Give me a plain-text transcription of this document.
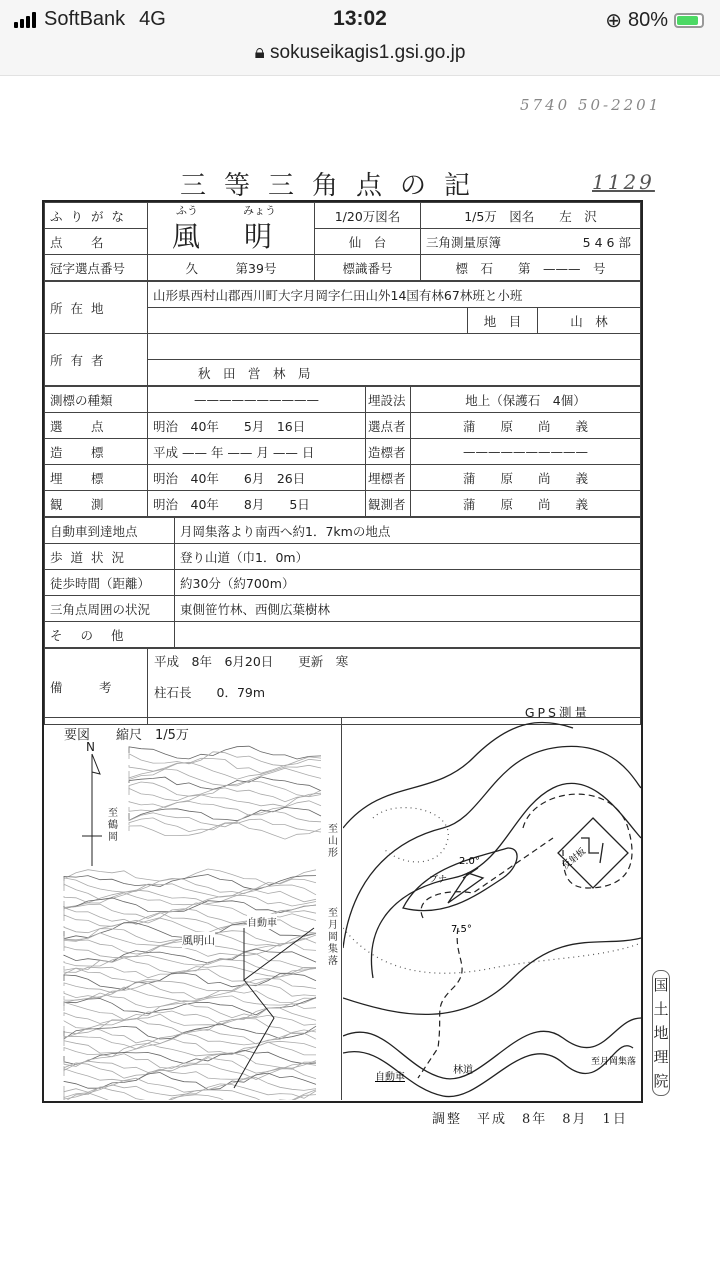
SoftBank 4G	13:02	⊕ 80%
🔒︎ sokuseikagis1.gsi.go.jp
5740 50-2201
三等三角点の記	1129
ふりがな	ふう みょう
風 明	1/20万図名	1/5万　図名　　左　沢
点　名		仙　台	三角測量原簿 546部

冠字選点番号	久　　　第39号	標識番号	標　石　　第　———　号
所在地	山形県西村山郡西川町大字月岡字仁田山外14国有林67林班と小班		
		地　目	山　林
所有者			
	秋　田　営　林　局		
測標の種類	——————————	埋設法	地上（保護石　4個）
選　点	明治　40年　　5月　16日	選点者	蒲　　原　　尚　　義
造　標	平成 —— 年 —— 月 —— 日	造標者	——————————
埋　標	明治　40年　　6月　26日	埋標者	蒲　　原　　尚　　義
観　測	明治　40年　　8月　　5日	観測者	蒲　　原　　尚　　義
自動車到達地点	月岡集落より南西へ約1．7kmの地点
歩道状況	登り山道（巾1．0m）
徒歩時間（距離）	約30分（約700m）
三角点周囲の状況	東側笹竹林、西側広葉樹林
その他	
備　考	
平成　8年　6月20日　　更新　寒
柱石長　　0．79m
GPS測量
要図　　縮尺　1/5万
N
至鶴岡
至山形
至月岡集落
自動車
風明山
2.0°
7.5°
ブナ
反射板
林道
自動車
至月岡集落
国土地理院
調整　平成　8年　8月　1日
